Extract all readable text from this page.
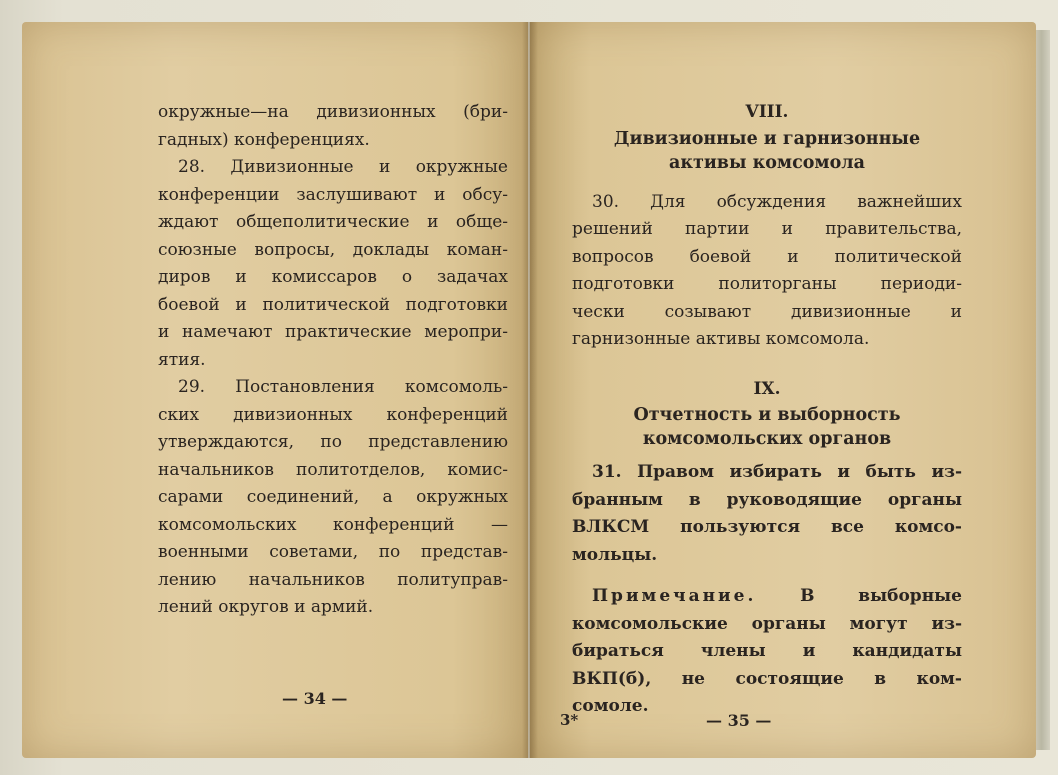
окружные—на дивизионных (бри-
гадных) конференциях.
28. Дивизионные и окружные
конференции заслушивают и обсу-
ждают общеполитические и обще-
союзные вопросы, доклады коман-
диров и комиссаров о задачах
боевой и политической подготовки
и намечают практические меропри-
ятия.
29. Постановления комсомоль-
ских дивизионных конференций
утверждаются, по представлению
начальников политотделов, комис-
сарами соединений, а окружных
комсомольских конференций —
военными советами, по представ-
лению начальников политуправ-
лений округов и армий.
— 34 —
VIII.
Дивизионные и гарнизонные
активы комсомола
30. Для обсуждения важнейших
решений партии и правительства,
вопросов боевой и политической
подготовки политорганы периоди-
чески созывают дивизионные и
гарнизонные активы комсомола.
IX.
Отчетность и выборность
комсомольских органов
31. Правом избирать и быть из-
бранным в руководящие органы
ВЛКСМ пользуются все комсо-
мольцы.
Примечание.	В выборные
комсомольские органы могут из-
бираться члены и кандидаты
ВКП(б), не состоящие в ком-
сомоле.
3*	— 35 —
